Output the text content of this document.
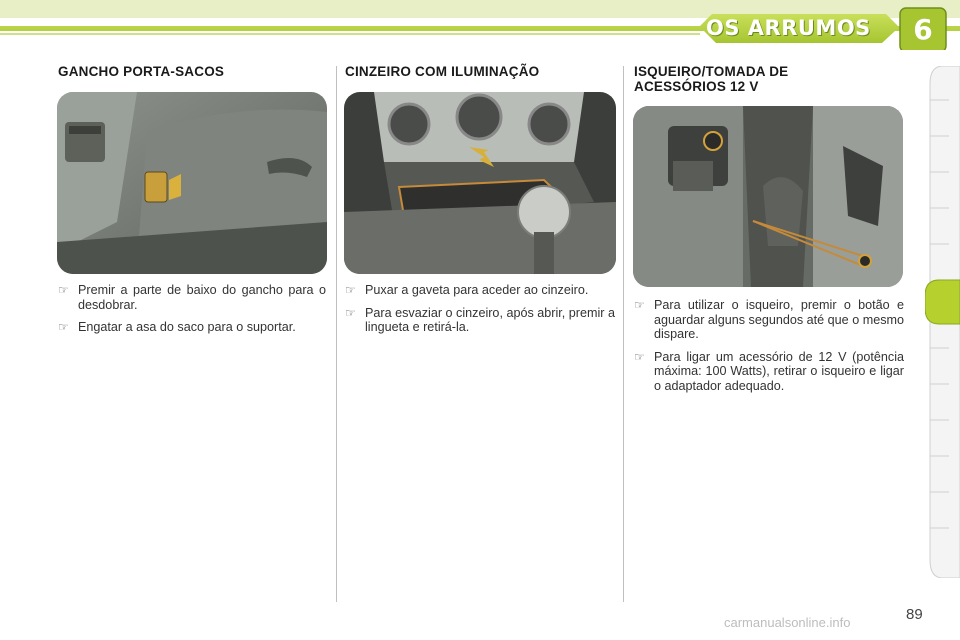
OS ARRUMOS 6
GANCHO PORTA-SACOS
☞ Premir a parte de baixo do gancho para o desdobrar.
☞ Engatar a asa do saco para o suportar.
CINZEIRO COM ILUMINAÇÃO
☞ Puxar a gaveta para aceder ao cinzeiro.
☞ Para esvaziar o cinzeiro, após abrir, premir a lingueta e retirá-la.
ISQUEIRO/TOMADA DE
ACESSÓRIOS 12 V
☞ Para utilizar o isqueiro, premir o botão e aguardar alguns segundos até que o mesmo dispare.
☞ Para ligar um acessório de 12 V (potência máxima: 100 Watts), retirar o isqueiro e ligar o adaptador adequado.
89
carmanualsonline.info
